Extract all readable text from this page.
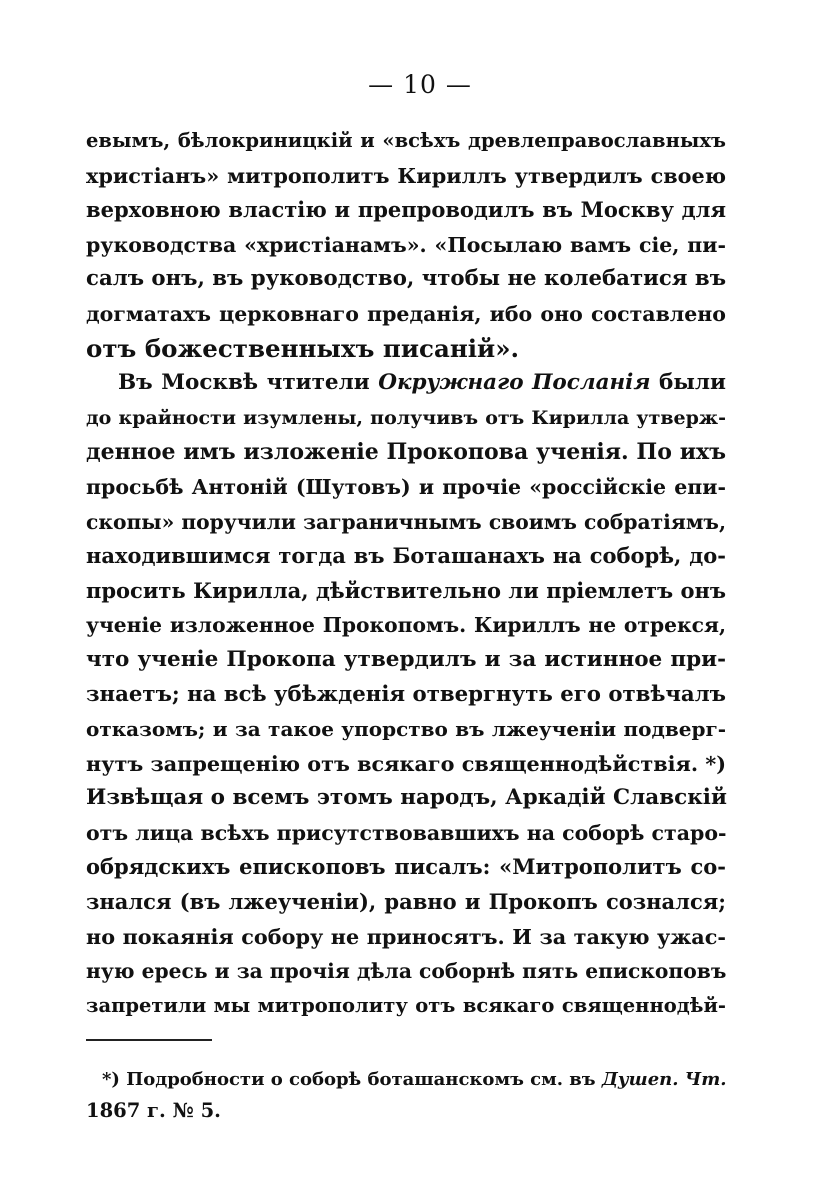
— 10 —
евымъ, бѣлокриницкій и «всѣхъ древлеправославныхъ
христіанъ» митрополитъ Кириллъ утвердилъ своею
верховною властію и препроводилъ въ Москву для
руководства «христіанамъ». «Посылаю вамъ сіе, пи-
салъ онъ, въ руководство, чтобы не колебатися въ
догматахъ церковнаго преданія, ибо оно составлено
отъ божественныхъ писаній».
Въ Москвѣ чтители Окружнаго Посланія были
до крайности изумлены, получивъ отъ Кирилла утверж-
денное имъ изложеніе Прокопова ученія. По ихъ
просьбѣ Антоній (Шутовъ) и прочіе «россійскіе епи-
скопы» поручили заграничнымъ своимъ собратіямъ,
находившимся тогда въ Боташанахъ на соборѣ, до-
просить Кирилла, дѣйствительно ли пріемлетъ онъ
ученіе изложенное Прокопомъ. Кириллъ не отрекся,
что ученіе Прокопа утвердилъ и за истинное при-
знаетъ; на всѣ убѣжденія отвергнуть его отвѣчалъ
отказомъ; и за такое упорство въ лжеученіи подверг-
нутъ запрещенію отъ всякаго священнодѣйствія. *)
Извѣщая о всемъ этомъ народъ, Аркадій Славскій
отъ лица всѣхъ присутствовавшихъ на соборѣ старо-
обрядскихъ епископовъ писалъ: «Митрополитъ со-
знался (въ лжеученіи), равно и Прокопъ сознался;
но покаянія собору не приносятъ. И за такую ужас-
ную ересь и за прочія дѣла соборнѣ пять епископовъ
запретили мы митрополиту отъ всякаго священнодѣй-
*) Подробности о соборѣ боташанскомъ см. въ Душеп. Чт.
1867 г. № 5.
